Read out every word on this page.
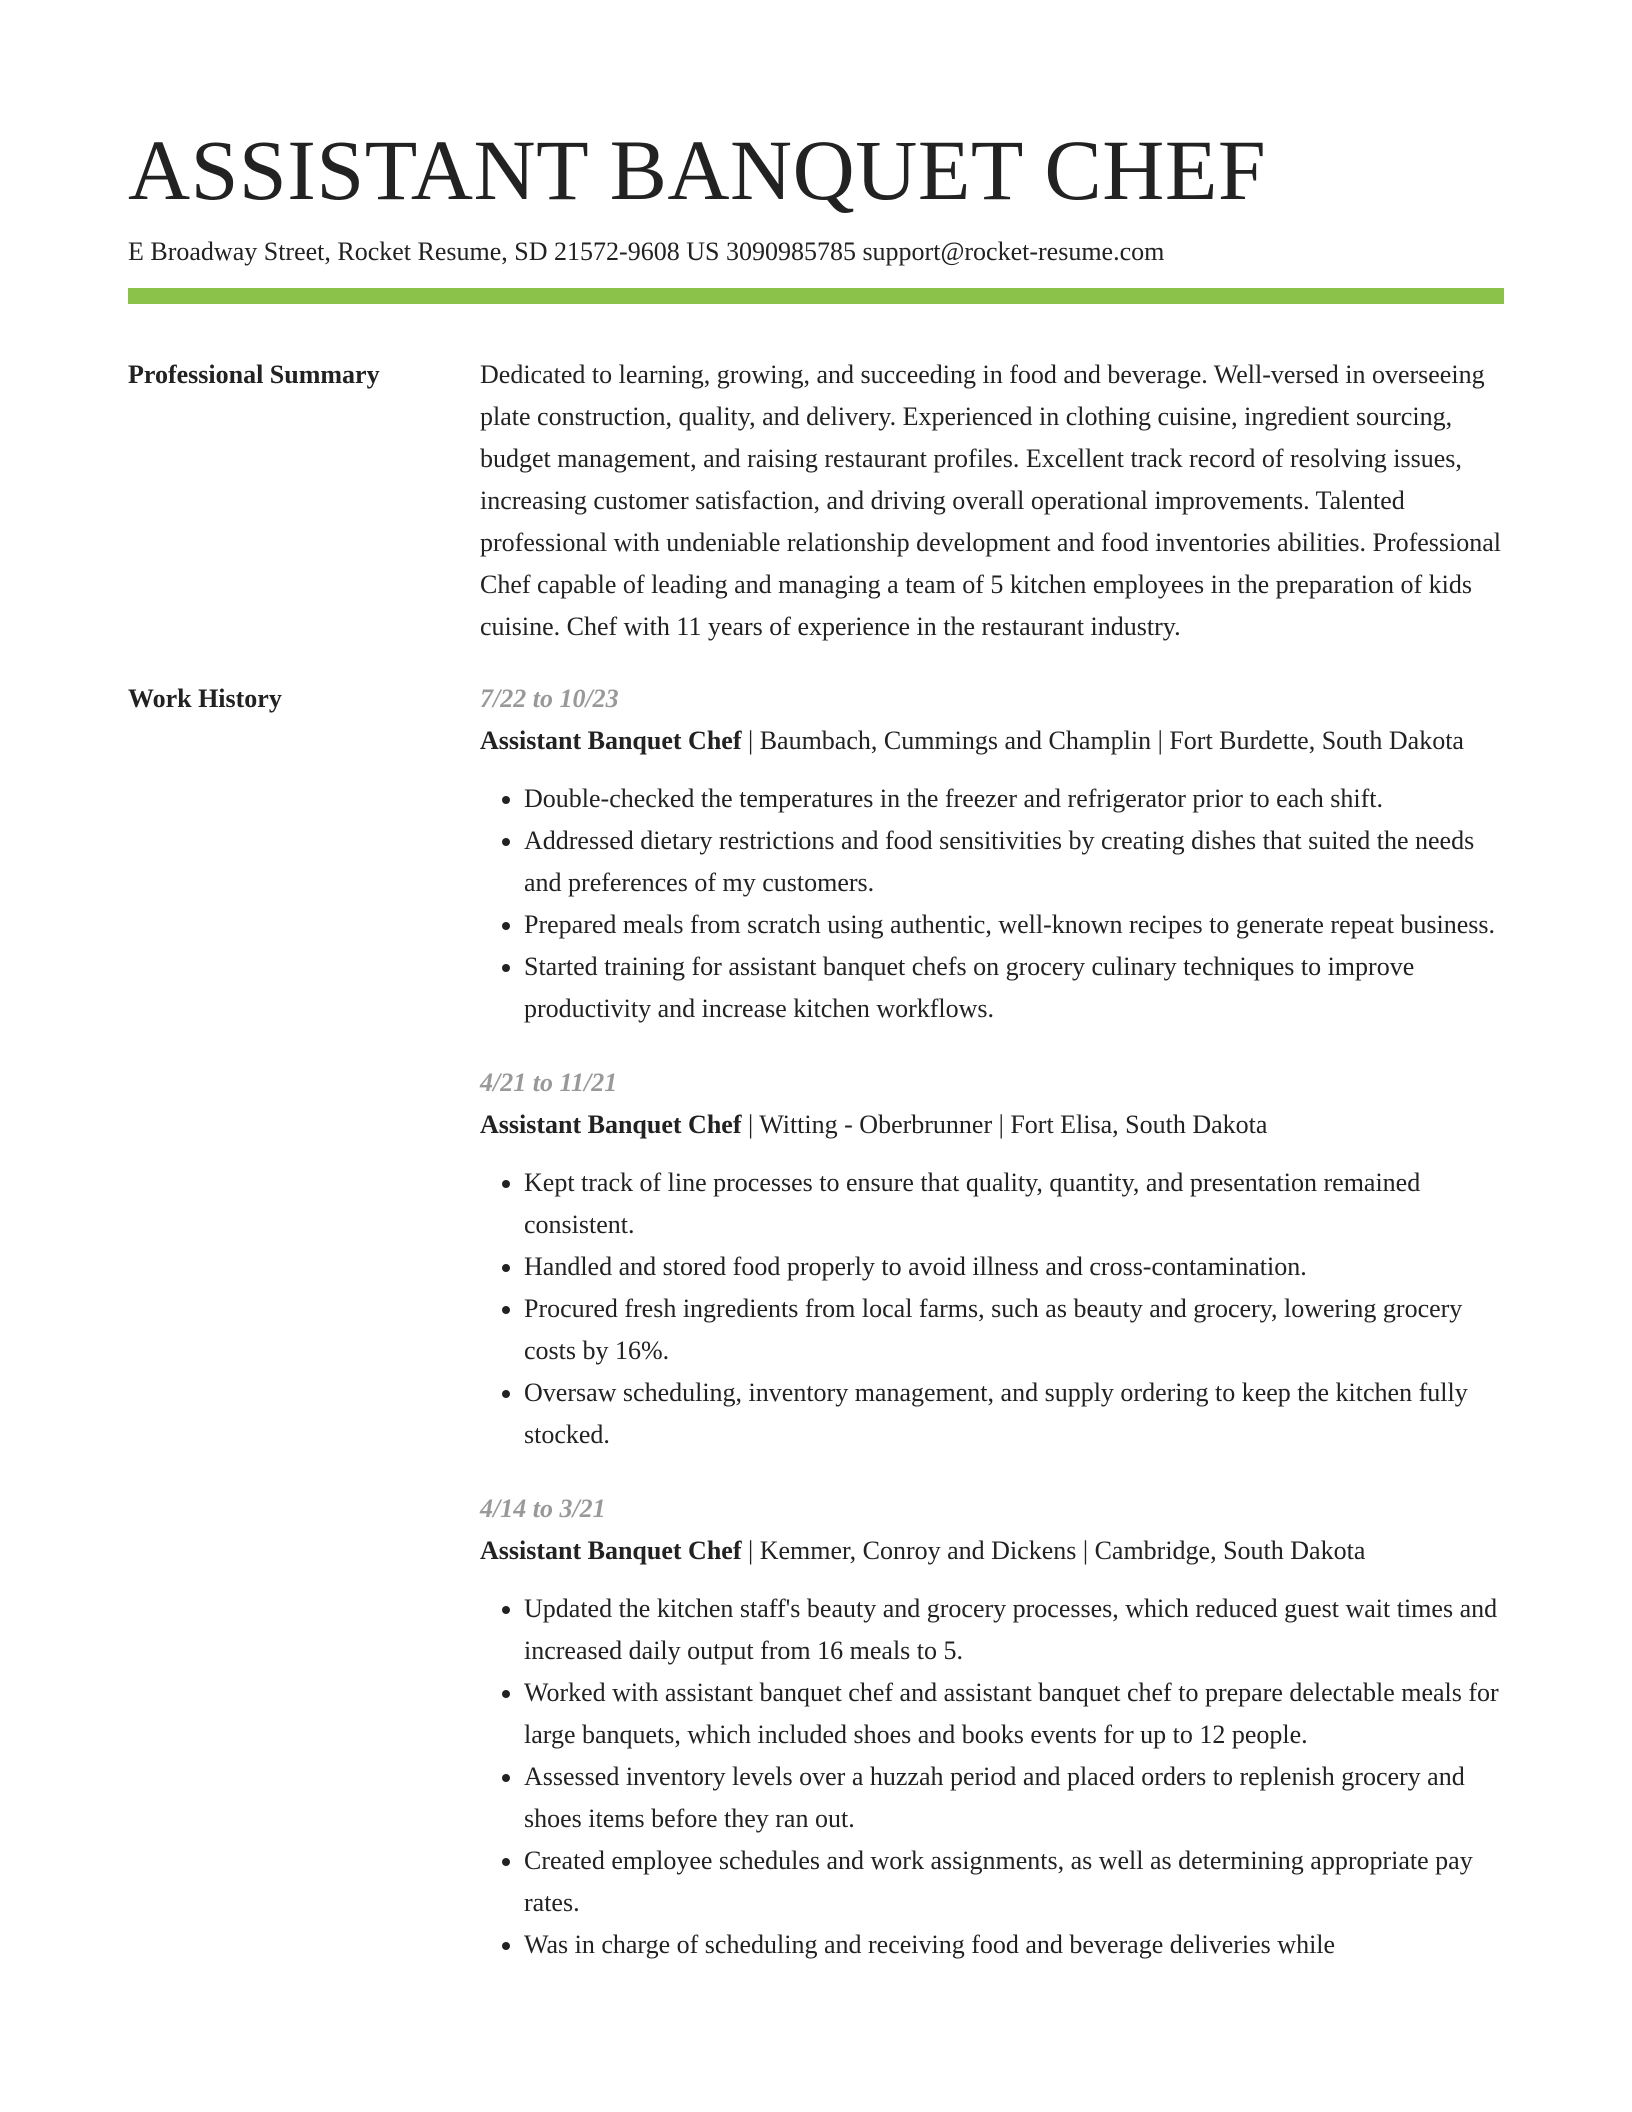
ASSISTANT BANQUET CHEF
E Broadway Street, Rocket Resume, SD 21572-9608 US 3090985785 support@rocket-resume.com
Professional Summary	Dedicated to learning, growing, and succeeding in food and beverage. Well-versed in overseeing plate construction, quality, and delivery. Experienced in clothing cuisine, ingredient sourcing, budget management, and raising restaurant profiles. Excellent track record of resolving issues, increasing customer satisfaction, and driving overall operational improvements. Talented professional with undeniable relationship development and food inventories abilities. Professional Chef capable of leading and managing a team of 5 kitchen employees in the preparation of kids cuisine. Chef with 11 years of experience in the restaurant industry.

Work History	7/22 to 10/23
Assistant Banquet Chef | Baumbach, Cummings and Champlin | Fort Burdette, South Dakota
• Double-checked the temperatures in the freezer and refrigerator prior to each shift.
• Addressed dietary restrictions and food sensitivities by creating dishes that suited the needs and preferences of my customers.
• Prepared meals from scratch using authentic, well-known recipes to generate repeat business.
• Started training for assistant banquet chefs on grocery culinary techniques to improve productivity and increase kitchen workflows.
4/21 to 11/21
Assistant Banquet Chef | Witting - Oberbrunner | Fort Elisa, South Dakota
• Kept track of line processes to ensure that quality, quantity, and presentation remained consistent.
• Handled and stored food properly to avoid illness and cross-contamination.
• Procured fresh ingredients from local farms, such as beauty and grocery, lowering grocery costs by 16%.
• Oversaw scheduling, inventory management, and supply ordering to keep the kitchen fully stocked.
4/14 to 3/21
Assistant Banquet Chef | Kemmer, Conroy and Dickens | Cambridge, South Dakota
• Updated the kitchen staff's beauty and grocery processes, which reduced guest wait times and increased daily output from 16 meals to 5.
• Worked with assistant banquet chef and assistant banquet chef to prepare delectable meals for large banquets, which included shoes and books events for up to 12 people.
• Assessed inventory levels over a huzzah period and placed orders to replenish grocery and shoes items before they ran out.
• Created employee schedules and work assignments, as well as determining appropriate pay rates.
• Was in charge of scheduling and receiving food and beverage deliveries while
